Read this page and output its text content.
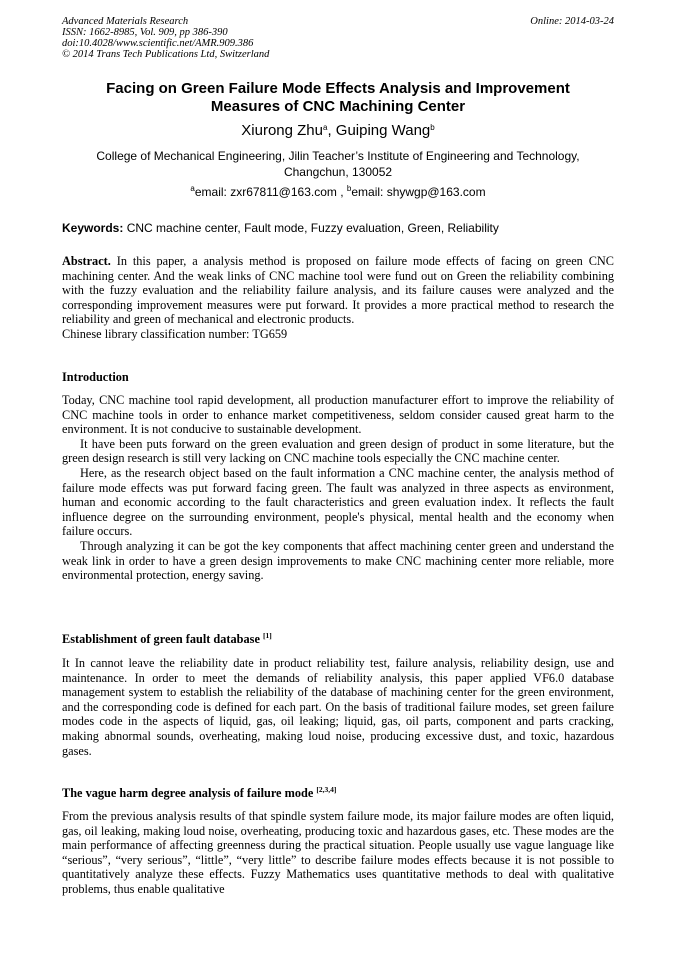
Advanced Materials Research
ISSN: 1662-8985, Vol. 909, pp 386-390
doi:10.4028/www.scientific.net/AMR.909.386
© 2014 Trans Tech Publications Ltd, Switzerland
Online: 2014-03-24
Facing on Green Failure Mode Effects Analysis and Improvement
Measures of CNC Machining Center
Xiurong Zhu$^a$, Guiping Wang$^b$
College of Mechanical Engineering, Jilin Teacher’s Institute of Engineering and Technology,
Changchun, 130052
$^a$email: zxr67811@163.com , $^b$email: shywgp@163.com
Keywords: CNC machine center, Fault mode, Fuzzy evaluation, Green, Reliability

Abstract. In this paper, a analysis method is proposed on failure mode effects of facing on green CNC machining center. And the weak links of CNC machine tool were fund out on Green the reliability combining with the fuzzy evaluation and the reliability failure analysis, and its failure causes were analyzed and the corresponding improvement measures were put forward. It provides a more practical method to research the reliability and green of mechanical and electronic products.

Chinese library classification number: TG659

Introduction

Today, CNC machine tool rapid development, all production manufacturer effort to improve the reliability of CNC machine tools in order to enhance market competitiveness, seldom consider caused great harm to the environment. It is not conducive to sustainable development.

It have been puts forward on the green evaluation and green design of product in some literature, but the green design research is still very lacking on CNC machine tools especially the CNC machine center.

Here, as the research object based on the fault information a CNC machine center, the analysis method of failure mode effects was put forward facing green. The fault was analyzed in three aspects as environment, human and economic according to the fault characteristics and green evaluation index. It reflects the fault influence degree on the surrounding environment, people's physical, mental health and the economy when failure occurs.

Through analyzing it can be got the key components that affect machining center green and understand the weak link in order to have a green design improvements to make CNC machining center more reliable, more environmental protection, energy saving.

Establishment of green fault database [1]

It In cannot leave the reliability date in product reliability test, failure analysis, reliability design, use and maintenance. In order to meet the demands of reliability analysis, this paper applied VF6.0 database management system to establish the reliability of the database of machining center for the green environment, and the corresponding code is defined for each part. On the basis of traditional failure modes, set green failure modes code in the aspects of liquid, gas, oil leaking; liquid, gas, oil parts, component and parts cracking, making abnormal sounds, overheating, making loud noise, producing excessive dust, and toxic, hazardous gases.

The vague harm degree analysis of failure mode [2,3,4]

From the previous analysis results of that spindle system failure mode, its major failure modes are often liquid, gas, oil leaking, making loud noise, overheating, producing toxic and hazardous gases, etc. These modes are the main performance of affecting greenness during the practical situation. People usually use vague language like “serious”, “very serious”, “little”, “very little” to describe failure modes effects because it is not possible to quantitatively analyze these effects. Fuzzy Mathematics uses quantitative methods to deal with qualitative problems, thus enable qualitative
